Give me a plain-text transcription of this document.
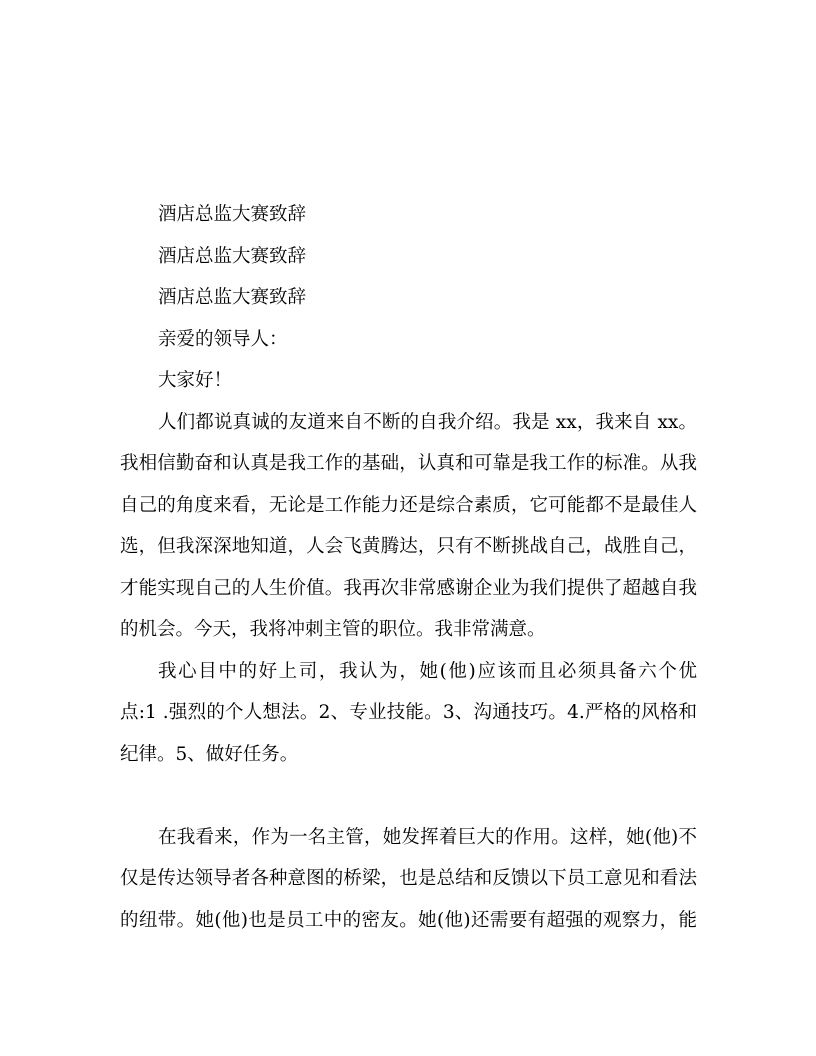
酒店总监大赛致辞
酒店总监大赛致辞
酒店总监大赛致辞
亲爱的领导人：
大家好！
人们都说真诚的友道来自不断的自我介绍。我是 xx，我来自 xx。
我相信勤奋和认真是我工作的基础，认真和可靠是我工作的标准。从我
自己的角度来看，无论是工作能力还是综合素质，它可能都不是最佳人
选，但我深深地知道，人会飞黄腾达，只有不断挑战自己，战胜自己，
才能实现自己的人生价值。我再次非常感谢企业为我们提供了超越自我
的机会。今天，我将冲刺主管的职位。我非常满意。
我心目中的好上司，我认为，她(他)应该而且必须具备六个优
点:1 .强烈的个人想法。2、专业技能。3、沟通技巧。4.严格的风格和
纪律。5、做好任务。
在我看来，作为一名主管，她发挥着巨大的作用。这样，她(他)不
仅是传达领导者各种意图的桥梁，也是总结和反馈以下员工意见和看法
的纽带。她(他)也是员工中的密友。她(他)还需要有超强的观察力，能
